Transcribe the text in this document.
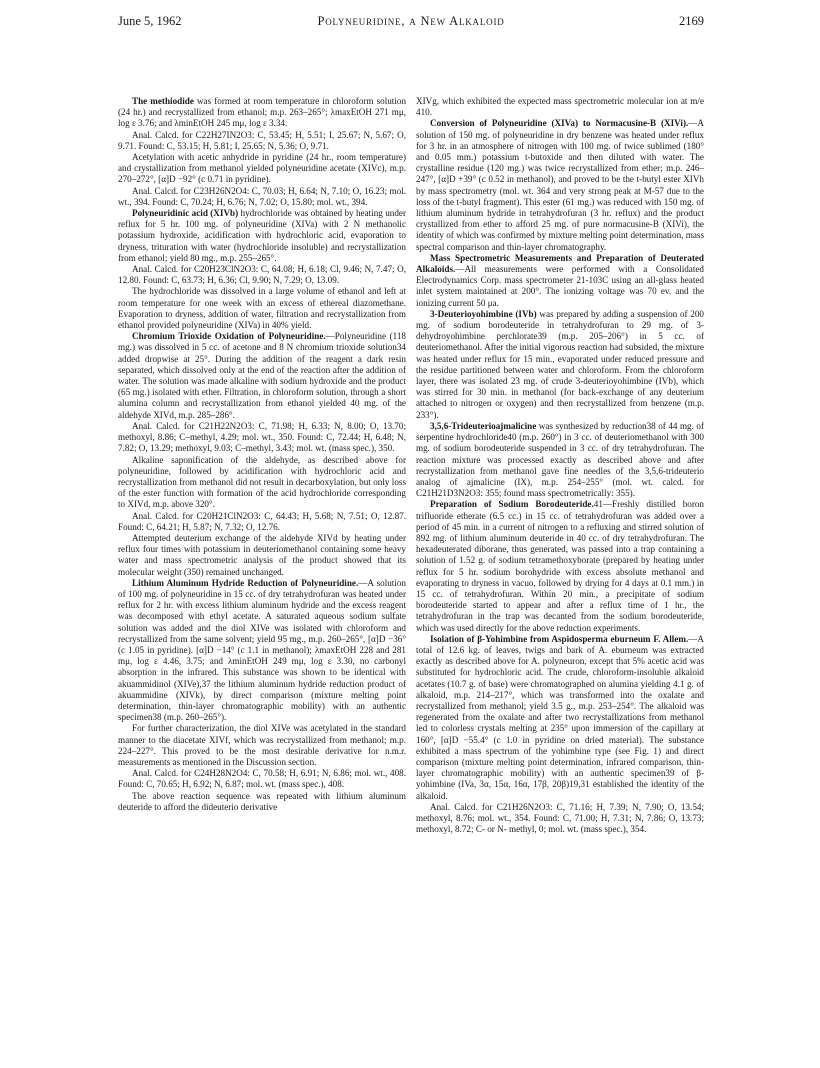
June 5, 1962	Polyneuridine, a New Alkaloid	2169

The methiodide was formed at room temperature in chloroform solution (24 hr.) and recrystallized from ethanol; m.p. 263–265°; λmaxEtOH 271 mμ, log ε 3.76; and λminEtOH 245 mμ, log ε 3.34.

Anal. Calcd. for C22H27IN2O3: C, 53.45; H, 5.51; I, 25.67; N, 5.67; O, 9.71. Found: C, 53.15; H, 5.81; I, 25.65; N, 5.36; O, 9.71.

Acetylation with acetic anhydride in pyridine (24 hr., room temperature) and crystallization from methanol yielded polyneuridine acetate (XIVc), m.p. 270–272°, [α]D −92° (c 0.71 in pyridine).

Anal. Calcd. for C23H26N2O4: C, 70.03; H, 6.64; N, 7.10; O, 16.23; mol. wt., 394. Found: C, 70.24; H, 6.76; N, 7.02; O, 15.80; mol. wt., 394.

Polyneuridinic acid (XIVb) hydrochloride was obtained by heating under reflux for 5 hr. 100 mg. of polyneuridine (XIVa) with 2 N methanolic potassium hydroxide, acidification with hydrochloric acid, evaporation to dryness, trituration with water (hydrochloride insoluble) and recrystallization from ethanol; yield 80 mg., m.p. 255–265°.

Anal. Calcd. for C20H23ClN2O3: C, 64.08; H, 6.18; Cl, 9.46; N, 7.47; O, 12.80. Found: C, 63.73; H, 6.36; Cl, 9.90; N, 7.29; O, 13.09.

The hydrochloride was dissolved in a large volume of ethanol and left at room temperature for one week with an excess of ethereal diazomethane. Evaporation to dryness, addition of water, filtration and recrystallization from ethanol provided polyneuridine (XIVa) in 40% yield.

Chromium Trioxide Oxidation of Polyneuridine.—Polyneuridine (118 mg.) was dissolved in 5 cc. of acetone and 8 N chromium trioxide solution34 added dropwise at 25°. During the addition of the reagent a dark resin separated, which dissolved only at the end of the reaction after the addition of water. The solution was made alkaline with sodium hydroxide and the product (65 mg.) isolated with ether. Filtration, in chloroform solution, through a short alumina column and recrystallization from ethanol yielded 40 mg. of the aldehyde XIVd, m.p. 285–286°.

Anal. Calcd. for C21H22N2O3: C, 71.98; H, 6.33; N, 8.00; O, 13.70; methoxyl, 8.86; C–methyl, 4.29; mol. wt., 350. Found: C, 72.44; H, 6.48; N, 7.82; O, 13.29; methoxyl, 9.03; C–methyl, 3.43; mol. wt. (mass spec.), 350.

Alkaline saponification of the aldehyde, as described above for polyneuridine, followed by acidification with hydrochloric acid and recrystallization from methanol did not result in decarboxylation, but only loss of the ester function with formation of the acid hydrochloride corresponding to XIVd, m.p. above 320°.

Anal. Calcd. for C20H21ClN2O3: C, 64.43; H, 5.68; N, 7.51; O, 12.87. Found: C, 64.21; H, 5.87; N, 7.32; O, 12.76.

Attempted deuterium exchange of the aldehyde XIVd by heating under reflux four times with potassium in deuteriomethanol containing some heavy water and mass spectrometric analysis of the product showed that its molecular weight (350) remained unchanged.

Lithium Aluminum Hydride Reduction of Polyneuridine.—A solution of 100 mg. of polyneuridine in 15 cc. of dry tetrahydrofuran was heated under reflux for 2 hr. with excess lithium aluminum hydride and the excess reagent was decomposed with ethyl acetate. A saturated aqueous sodium sulfate solution was added and the diol XIVe was isolated with chloroform and recrystallized from the same solvent; yield 95 mg., m.p. 260–265°, [α]D −36° (c 1.05 in pyridine). [α]D −14° (c 1.1 in methanol); λmaxEtOH 228 and 281 mμ, log ε 4.46, 3.75; and λminEtOH 249 mμ, log ε 3.30, no carbonyl absorption in the infrared. This substance was shown to be identical with akuammidinol (XIVe),37 the lithium aluminum hydride reduction product of akuammidine (XIVk), by direct comparison (mixture melting point determination, thin-layer chromatographic mobility) with an authentic specimen38 (m.p. 260–265°).

For further characterization, the diol XIVe was acetylated in the standard manner to the diacetate XIVf, which was recrystallized from methanol; m.p. 224–227°. This proved to be the most desirable derivative for n.m.r. measurements as mentioned in the Discussion section.

Anal. Calcd. for C24H28N2O4: C, 70.58; H, 6.91; N, 6.86; mol. wt., 408. Found: C, 70.65; H, 6.92; N, 6.87; mol. wt. (mass spec.), 408.

The above reaction sequence was repeated with lithium aluminum deuteride to afford the dideuterio derivative

XIVg, which exhibited the expected mass spectrometric molecular ion at m/e 410.

Conversion of Polyneuridine (XIVa) to Normacusine-B (XIVi).—A solution of 150 mg. of polyneuridine in dry benzene was heated under reflux for 3 hr. in an atmosphere of nitrogen with 100 mg. of twice sublimed (180° and 0.05 mm.) potassium t-butoxide and then diluted with water. The crystalline residue (120 mg.) was twice recrystallized from ether; m.p. 246–247°, [α]D +39° (c 0.52 in methanol), and proved to be the t-butyl ester XIVh by mass spectrometry (mol. wt. 364 and very strong peak at M-57 due to the loss of the t-butyl fragment). This ester (61 mg.) was reduced with 150 mg. of lithium aluminum hydride in tetrahydrofuran (3 hr. reflux) and the product crystallized from ether to afford 25 mg. of pure normacusine-B (XIVi), the identity of which was confirmed by mixture melting point determination, mass spectral comparison and thin-layer chromatography.

Mass Spectrometric Measurements and Preparation of Deuterated Alkaloids.—All measurements were performed with a Consolidated Electrodynamics Corp. mass spectrometer 21-103C using an all-glass heated inlet system maintained at 200°. The ionizing voltage was 70 ev. and the ionizing current 50 μa.

3-Deuterioyohimbine (IVb) was prepared by adding a suspension of 200 mg. of sodium borodeuteride in tetrahydrofuran to 29 mg. of 3-dehydroyohimbine perchlorate39 (m.p. 205–206°) in 5 cc. of deuteriomethanol. After the initial vigorous reaction had subsided, the mixture was heated under reflux for 15 min., evaporated under reduced pressure and the residue partitioned between water and chloroform. From the chloroform layer, there was isolated 23 mg. of crude 3-deuterioyohimbine (IVb), which was stirred for 30 min. in methanol (for back-exchange of any deuterium attached to nitrogen or oxygen) and then recrystallized from benzene (m.p. 233°).

3,5,6-Trideuterioajmalicine was synthesized by reduction38 of 44 mg. of serpentine hydrochloride40 (m.p. 260°) in 3 cc. of deuteriomethanol with 300 mg. of sodium borodeuteride suspended in 3 cc. of dry tetrahydrofuran. The reaction mixture was processed exactly as described above and after recrystallization from methanol gave fine needles of the 3,5,6-trideuterio analog of ajmalicine (IX), m.p. 254–255° (mol. wt. calcd. for C21H21D3N2O3: 355; found mass spectrometrically: 355).

Preparation of Sodium Borodeuteride.41—Freshly distilled boron trifluoride etherate (6.5 cc.) in 15 cc. of tetrahydrofuran was added over a period of 45 min. in a current of nitrogen to a refluxing and stirred solution of 892 mg. of lithium aluminum deuteride in 40 cc. of dry tetrahydrofuran. The hexadeuterated diborane, thus generated, was passed into a trap containing a solution of 1.52 g. of sodium tetramethoxyborate (prepared by heating under reflux for 5 hr. sodium borohydride with excess absolute methanol and evaporating to dryness in vacuo, followed by drying for 4 days at 0.1 mm.) in 15 cc. of tetrahydrofuran. Within 20 min., a precipitate of sodium borodeuteride started to appear and after a reflux time of 1 hr., the tetrahydrofuran in the trap was decanted from the sodium borodeuteride, which was used directly for the above reduction experiments.

Isolation of β-Yohimbine from Aspidosperma eburneum F. Allem.—A total of 12.6 kg. of leaves, twigs and bark of A. eburneum was extracted exactly as described above for A. polyneuron, except that 5% acetic acid was substituted for hydrochloric acid. The crude, chloroform-insoluble alkaloid acetates (10.7 g. of base) were chromatographed on alumina yielding 4.1 g. of alkaloid, m.p. 214–217°, which was transformed into the oxalate and recrystallized from methanol; yield 3.5 g., m.p. 253–254°. The alkaloid was regenerated from the oxalate and after two recrystallizations from methanol led to colorless crystals melting at 235° upon immersion of the capillary at 160°, [α]D −55.4° (c 1.0 in pyridine on dried material). The substance exhibited a mass spectrum of the yohimbine type (see Fig. 1) and direct comparison (mixture melting point determination, infrared comparison, thin-layer chromatographic mobility) with an authentic specimen39 of β-yohimbine (IVa, 3α, 15α, 16α, 17β, 20β)19,31 established the identity of the alkaloid.

Anal. Calcd. for C21H26N2O3: C, 71.16; H, 7.39; N, 7.90; O, 13.54; methoxyl, 8.76; mol. wt., 354. Found: C, 71.00; H, 7.31; N, 7.86; O, 13.73; methoxyl, 8.72; C- or N- methyl, 0; mol. wt. (mass spec.), 354.
